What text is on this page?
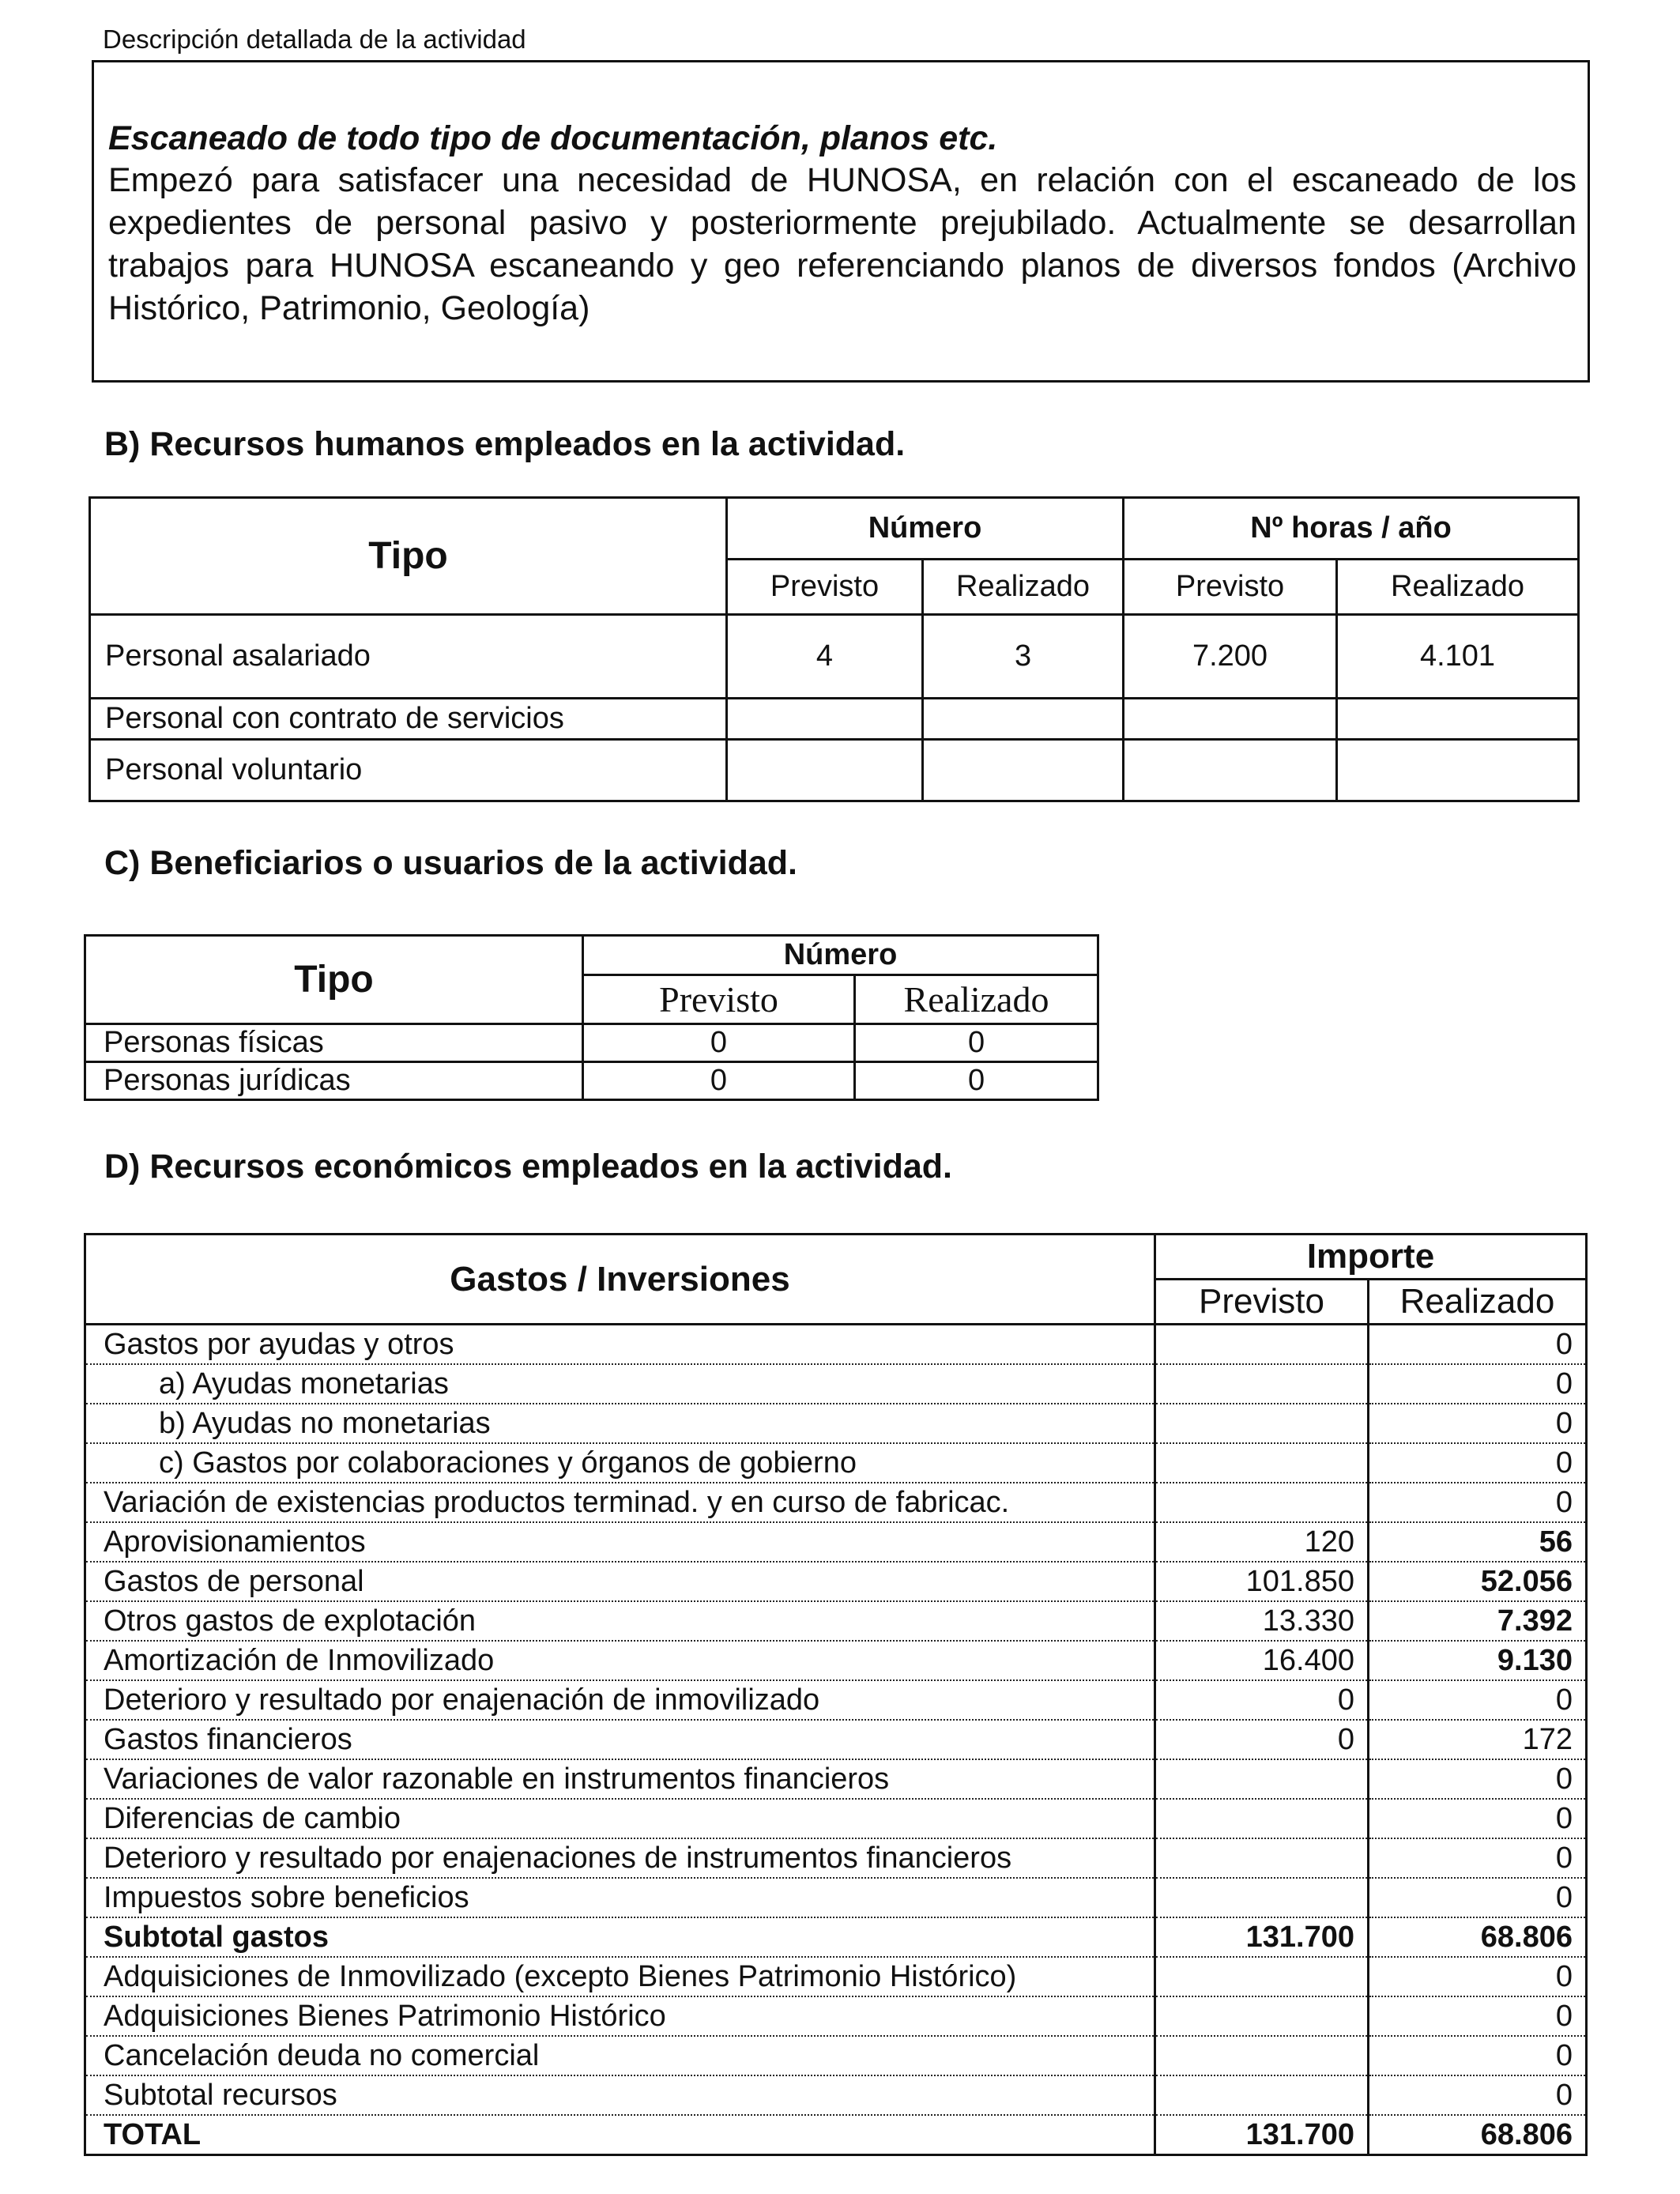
Descripción detallada de la actividad
Escaneado de todo tipo de documentación, planos etc.
Empezó para satisfacer una necesidad de HUNOSA, en relación con el escaneado de los expedientes de personal pasivo y posteriormente prejubilado. Actualmente se desarrollan trabajos para HUNOSA escaneando y geo referenciando planos de diversos fondos (Archivo Histórico, Patrimonio, Geología)
B) Recursos humanos empleados en la actividad.
Tipo	Número		Nº horas / año	
	Previsto	Realizado	Previsto	Realizado
Personal asalariado	4	3	7.200	4.101
Personal con contrato de servicios				
Personal voluntario				
C) Beneficiarios o usuarios de la actividad.
Tipo	Número	
	Previsto	Realizado
Personas físicas	0	0
Personas jurídicas	0	0
D) Recursos económicos empleados en la actividad.
Gastos / Inversiones	Importe	
	Previsto	Realizado
Gastos por ayudas y otros		0
a) Ayudas monetarias		0
b) Ayudas no monetarias		0
c) Gastos por colaboraciones y órganos de gobierno		0
Variación de existencias productos terminad. y en curso de fabricac.		0
Aprovisionamientos	120	56
Gastos de personal	101.850	52.056
Otros gastos de explotación	13.330	7.392
Amortización de Inmovilizado	16.400	9.130
Deterioro y resultado por enajenación de inmovilizado	0	0
Gastos financieros	0	172
Variaciones de valor razonable en instrumentos financieros		0
Diferencias de cambio		0
Deterioro y resultado por enajenaciones de instrumentos financieros		0
Impuestos sobre beneficios		0
Subtotal gastos	131.700	68.806
Adquisiciones de Inmovilizado (excepto Bienes Patrimonio Histórico)		0
Adquisiciones Bienes Patrimonio Histórico		0
Cancelación deuda no comercial		0
Subtotal recursos		0
TOTAL	131.700	68.806
